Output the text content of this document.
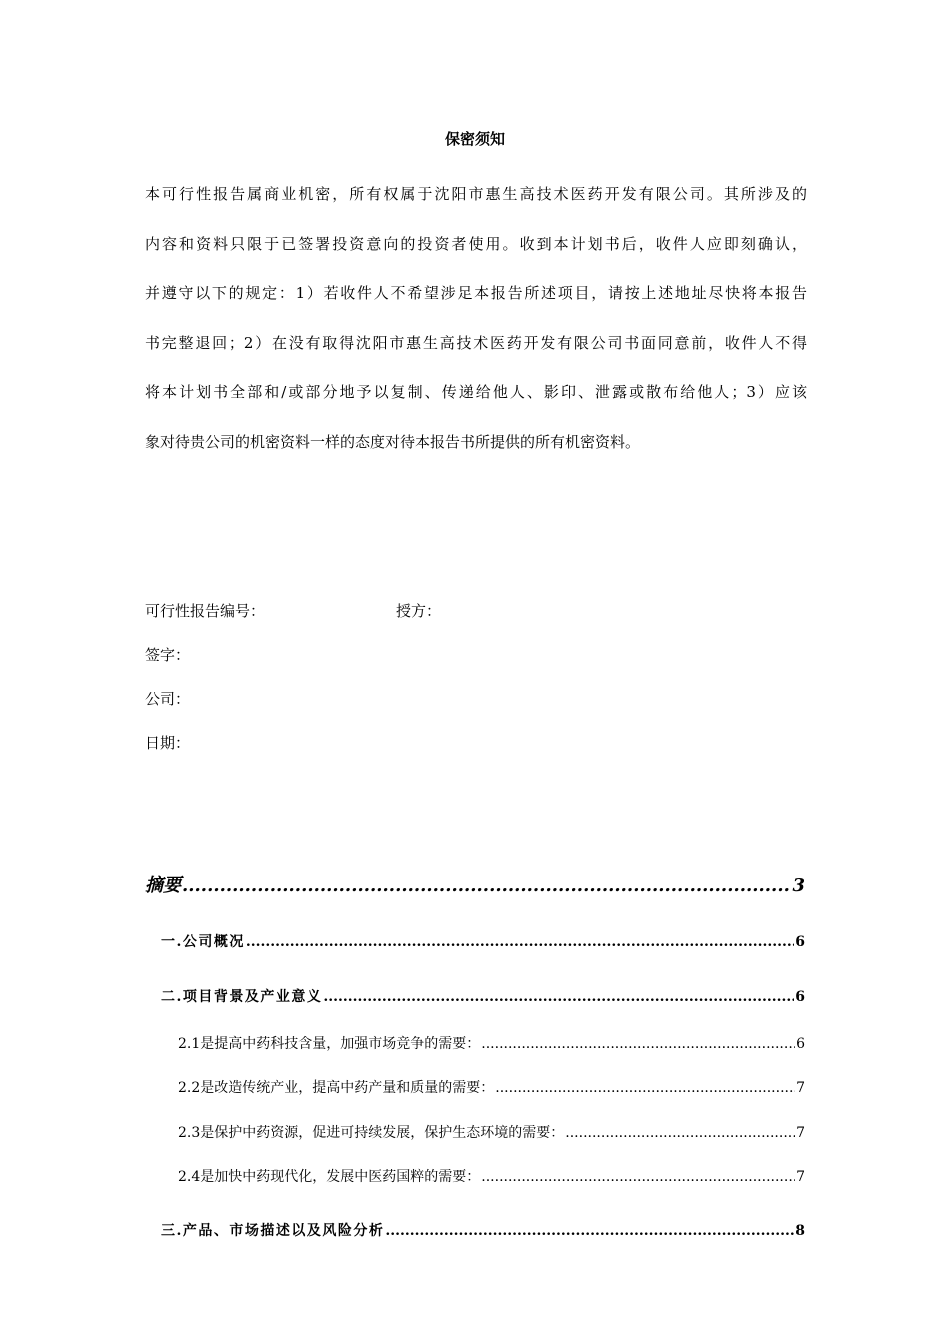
保密须知
本可行性报告属商业机密，所有权属于沈阳市惠生高技术医药开发有限公司。其所涉及的
内容和资料只限于已签署投资意向的投资者使用。收到本计划书后，收件人应即刻确认，
并遵守以下的规定：1）若收件人不希望涉足本报告所述项目，请按上述地址尽快将本报告
书完整退回；2）在没有取得沈阳市惠生高技术医药开发有限公司书面同意前，收件人不得
将本计划书全部和/或部分地予以复制、传递给他人、影印、泄露或散布给他人；3）应该
象对待贵公司的机密资料一样的态度对待本报告书所提供的所有机密资料。
可行性报告编号：	授方：
签字：
公司：
日期：
摘要 .....	3
一.公司概况 .....	6
二.项目背景及产业意义 .....	6
2.1是提高中药科技含量，加强市场竞争的需要： .....	6
2.2是改造传统产业，提高中药产量和质量的需要： .....	7
2.3是保护中药资源，促进可持续发展，保护生态环境的需要： .....	7
2.4是加快中药现代化，发展中医药国粹的需要： .....	7
三.产品、市场描述以及风险分析 .....	8
